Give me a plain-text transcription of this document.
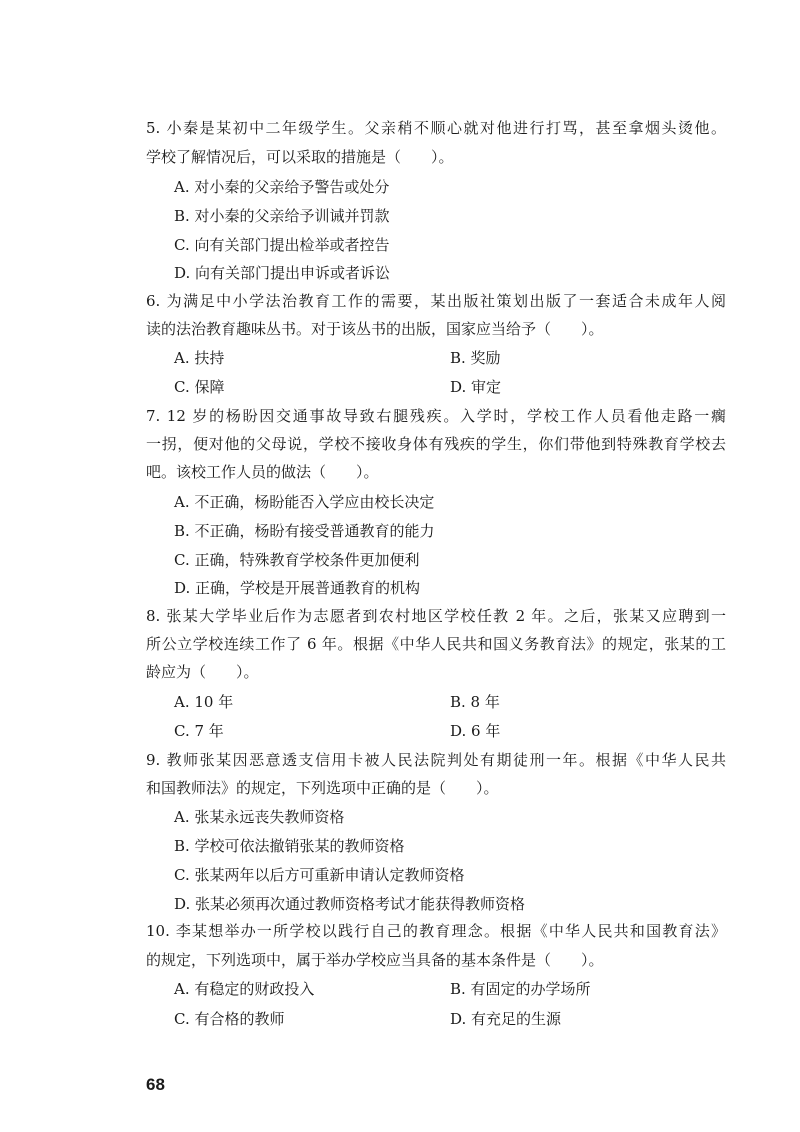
5. 小秦是某初中二年级学生。父亲稍不顺心就对他进行打骂，甚至拿烟头烫他。

学校了解情况后，可以采取的措施是（　　）。

A. 对小秦的父亲给予警告或处分

B. 对小秦的父亲给予训诫并罚款

C. 向有关部门提出检举或者控告

D. 向有关部门提出申诉或者诉讼

6. 为满足中小学法治教育工作的需要，某出版社策划出版了一套适合未成年人阅

读的法治教育趣味丛书。对于该丛书的出版，国家应当给予（　　）。

A. 扶持	B. 奖励

C. 保障	D. 审定

7. 12 岁的杨盼因交通事故导致右腿残疾。入学时，学校工作人员看他走路一瘸

一拐，便对他的父母说，学校不接收身体有残疾的学生，你们带他到特殊教育学校去

吧。该校工作人员的做法（　　）。

A. 不正确，杨盼能否入学应由校长决定

B. 不正确，杨盼有接受普通教育的能力

C. 正确，特殊教育学校条件更加便利

D. 正确，学校是开展普通教育的机构

8. 张某大学毕业后作为志愿者到农村地区学校任教 2 年。之后，张某又应聘到一

所公立学校连续工作了 6 年。根据《中华人民共和国义务教育法》的规定，张某的工

龄应为（　　）。

A. 10 年	B. 8 年

C. 7 年	D. 6 年

9. 教师张某因恶意透支信用卡被人民法院判处有期徒刑一年。根据《中华人民共

和国教师法》的规定，下列选项中正确的是（　　）。

A. 张某永远丧失教师资格

B. 学校可依法撤销张某的教师资格

C. 张某两年以后方可重新申请认定教师资格

D. 张某必须再次通过教师资格考试才能获得教师资格

10. 李某想举办一所学校以践行自己的教育理念。根据《中华人民共和国教育法》

的规定，下列选项中，属于举办学校应当具备的基本条件是（　　）。

A. 有稳定的财政投入	B. 有固定的办学场所

C. 有合格的教师	D. 有充足的生源

68
